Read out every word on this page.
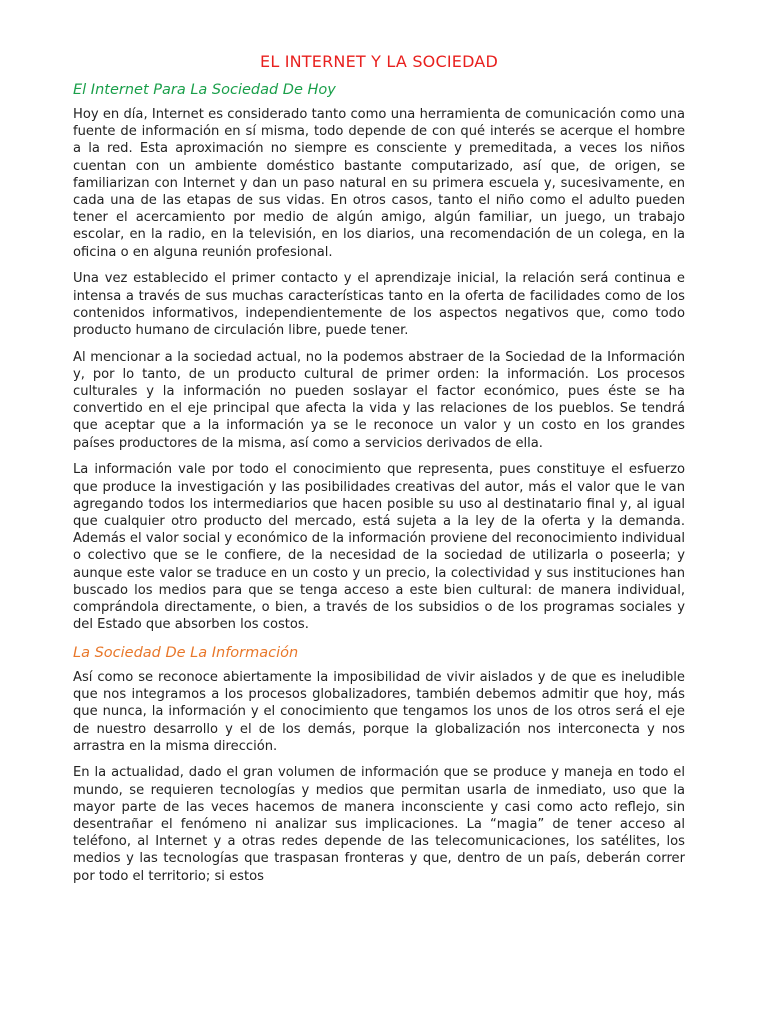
EL INTERNET Y LA SOCIEDAD
El Internet Para La Sociedad De Hoy

Hoy en día, Internet es considerado tanto como una herramienta de comunicación como una fuente de información en sí misma, todo depende de con qué interés se acerque el hombre a la red. Esta aproximación no siempre es consciente y premeditada, a veces los niños cuentan con un ambiente doméstico bastante computarizado, así que, de origen, se familiarizan con Internet y dan un paso natural en su primera escuela y, sucesivamente, en cada una de las etapas de sus vidas. En otros casos, tanto el niño como el adulto pueden tener el acercamiento por medio de algún amigo, algún familiar, un juego, un trabajo escolar, en la radio, en la televisión, en los diarios, una recomendación de un colega, en la oficina o en alguna reunión profesional.

Una vez establecido el primer contacto y el aprendizaje inicial, la relación será continua e intensa a través de sus muchas características tanto en la oferta de facilidades como de los contenidos informativos, independientemente de los aspectos negativos que, como todo producto humano de circulación libre, puede tener.

Al mencionar a la sociedad actual, no la podemos abstraer de la Sociedad de la Información y, por lo tanto, de un producto cultural de primer orden: la información. Los procesos culturales y la información no pueden soslayar el factor económico, pues éste se ha convertido en el eje principal que afecta la vida y las relaciones de los pueblos. Se tendrá que aceptar que a la información ya se le reconoce un valor y un costo en los grandes países productores de la misma, así como a servicios derivados de ella.

La información vale por todo el conocimiento que representa, pues constituye el esfuerzo que produce la investigación y las posibilidades creativas del autor, más el valor que le van agregando todos los intermediarios que hacen posible su uso al destinatario final y, al igual que cualquier otro producto del mercado, está sujeta a la ley de la oferta y la demanda. Además el valor social y económico de la información proviene del reconocimiento individual o colectivo que se le confiere, de la necesidad de la sociedad de utilizarla o poseerla; y aunque este valor se traduce en un costo y un precio, la colectividad y sus instituciones han buscado los medios para que se tenga acceso a este bien cultural: de manera individual, comprándola directamente, o bien, a través de los subsidios o de los programas sociales y del Estado que absorben los costos.

La Sociedad De La Información

Así como se reconoce abiertamente la imposibilidad de vivir aislados y de que es ineludible que nos integramos a los procesos globalizadores, también debemos admitir que hoy, más que nunca, la información y el conocimiento que tengamos los unos de los otros será el eje de nuestro desarrollo y el de los demás, porque la globalización nos interconecta y nos arrastra en la misma dirección.

En la actualidad, dado el gran volumen de información que se produce y maneja en todo el mundo, se requieren tecnologías y medios que permitan usarla de inmediato, uso que la mayor parte de las veces hacemos de manera inconsciente y casi como acto reflejo, sin desentrañar el fenómeno ni analizar sus implicaciones. La “magia” de tener acceso al teléfono, al Internet y a otras redes depende de las telecomunicaciones, los satélites, los medios y las tecnologías que traspasan fronteras y que, dentro de un país, deberán correr por todo el territorio; si estos
